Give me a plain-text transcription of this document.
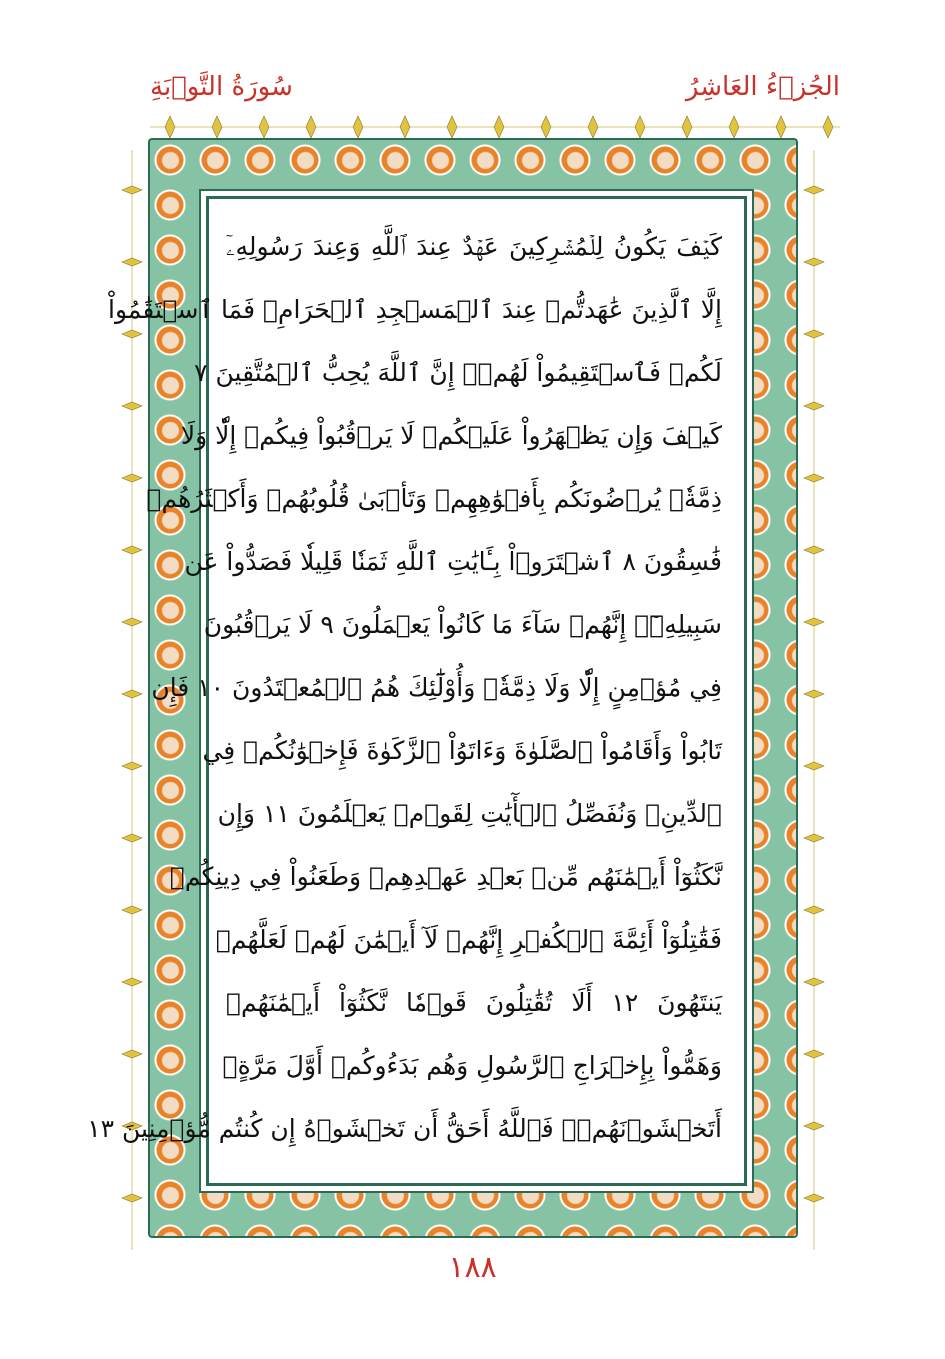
سُورَةُ التَّوۡبَةِ	الجُزۡءُ العَاشِرُ
كَيۡفَ يَكُونُ لِلۡمُشۡرِكِينَ عَهۡدٌ عِندَ ٱللَّهِ وَعِندَ رَسُولِهِۦٓ
إِلَّا ٱلَّذِينَ عَٰهَدتُّمۡ عِندَ ٱلۡمَسۡجِدِ ٱلۡحَرَامِۖ فَمَا ٱسۡتَقَٰمُواْ
لَكُمۡ فَٱسۡتَقِيمُواْ لَهُمۡۚ إِنَّ ٱللَّهَ يُحِبُّ ٱلۡمُتَّقِينَ ٧
كَيۡفَ وَإِن يَظۡهَرُواْ عَلَيۡكُمۡ لَا يَرۡقُبُواْ فِيكُمۡ إِلّٗا وَلَا
ذِمَّةٗۚ يُرۡضُونَكُم بِأَفۡوَٰهِهِمۡ وَتَأۡبَىٰ قُلُوبُهُمۡ وَأَكۡثَرُهُمۡ
فَٰسِقُونَ ٨ ٱشۡتَرَوۡاْ بِـَٔايَٰتِ ٱللَّهِ ثَمَنٗا قَلِيلٗا فَصَدُّواْ عَن
سَبِيلِهِۦٓۚ إِنَّهُمۡ سَآءَ مَا كَانُواْ يَعۡمَلُونَ ٩ لَا يَرۡقُبُونَ
فِي مُؤۡمِنٍ إِلّٗا وَلَا ذِمَّةٗۚ وَأُوْلَٰٓئِكَ هُمُ ٱلۡمُعۡتَدُونَ ١٠ فَإِن
تَابُواْ وَأَقَامُواْ ٱلصَّلَوٰةَ وَءَاتَوُاْ ٱلزَّكَوٰةَ فَإِخۡوَٰنُكُمۡ فِي
ٱلدِّينِۗ وَنُفَصِّلُ ٱلۡأٓيَٰتِ لِقَوۡمٖ يَعۡلَمُونَ ١١ وَإِن
نَّكَثُوٓاْ أَيۡمَٰنَهُم مِّنۢ بَعۡدِ عَهۡدِهِمۡ وَطَعَنُواْ فِي دِينِكُمۡ
فَقَٰتِلُوٓاْ أَئِمَّةَ ٱلۡكُفۡرِ إِنَّهُمۡ لَآ أَيۡمَٰنَ لَهُمۡ لَعَلَّهُمۡ
يَنتَهُونَ ١٢ أَلَا تُقَٰتِلُونَ قَوۡمٗا نَّكَثُوٓاْ أَيۡمَٰنَهُمۡ
وَهَمُّواْ بِإِخۡرَاجِ ٱلرَّسُولِ وَهُم بَدَءُوكُمۡ أَوَّلَ مَرَّةٍۚ
أَتَخۡشَوۡنَهُمۡۚ فَٱللَّهُ أَحَقُّ أَن تَخۡشَوۡهُ إِن كُنتُم مُّؤۡمِنِينَ ١٣
١٨٨
